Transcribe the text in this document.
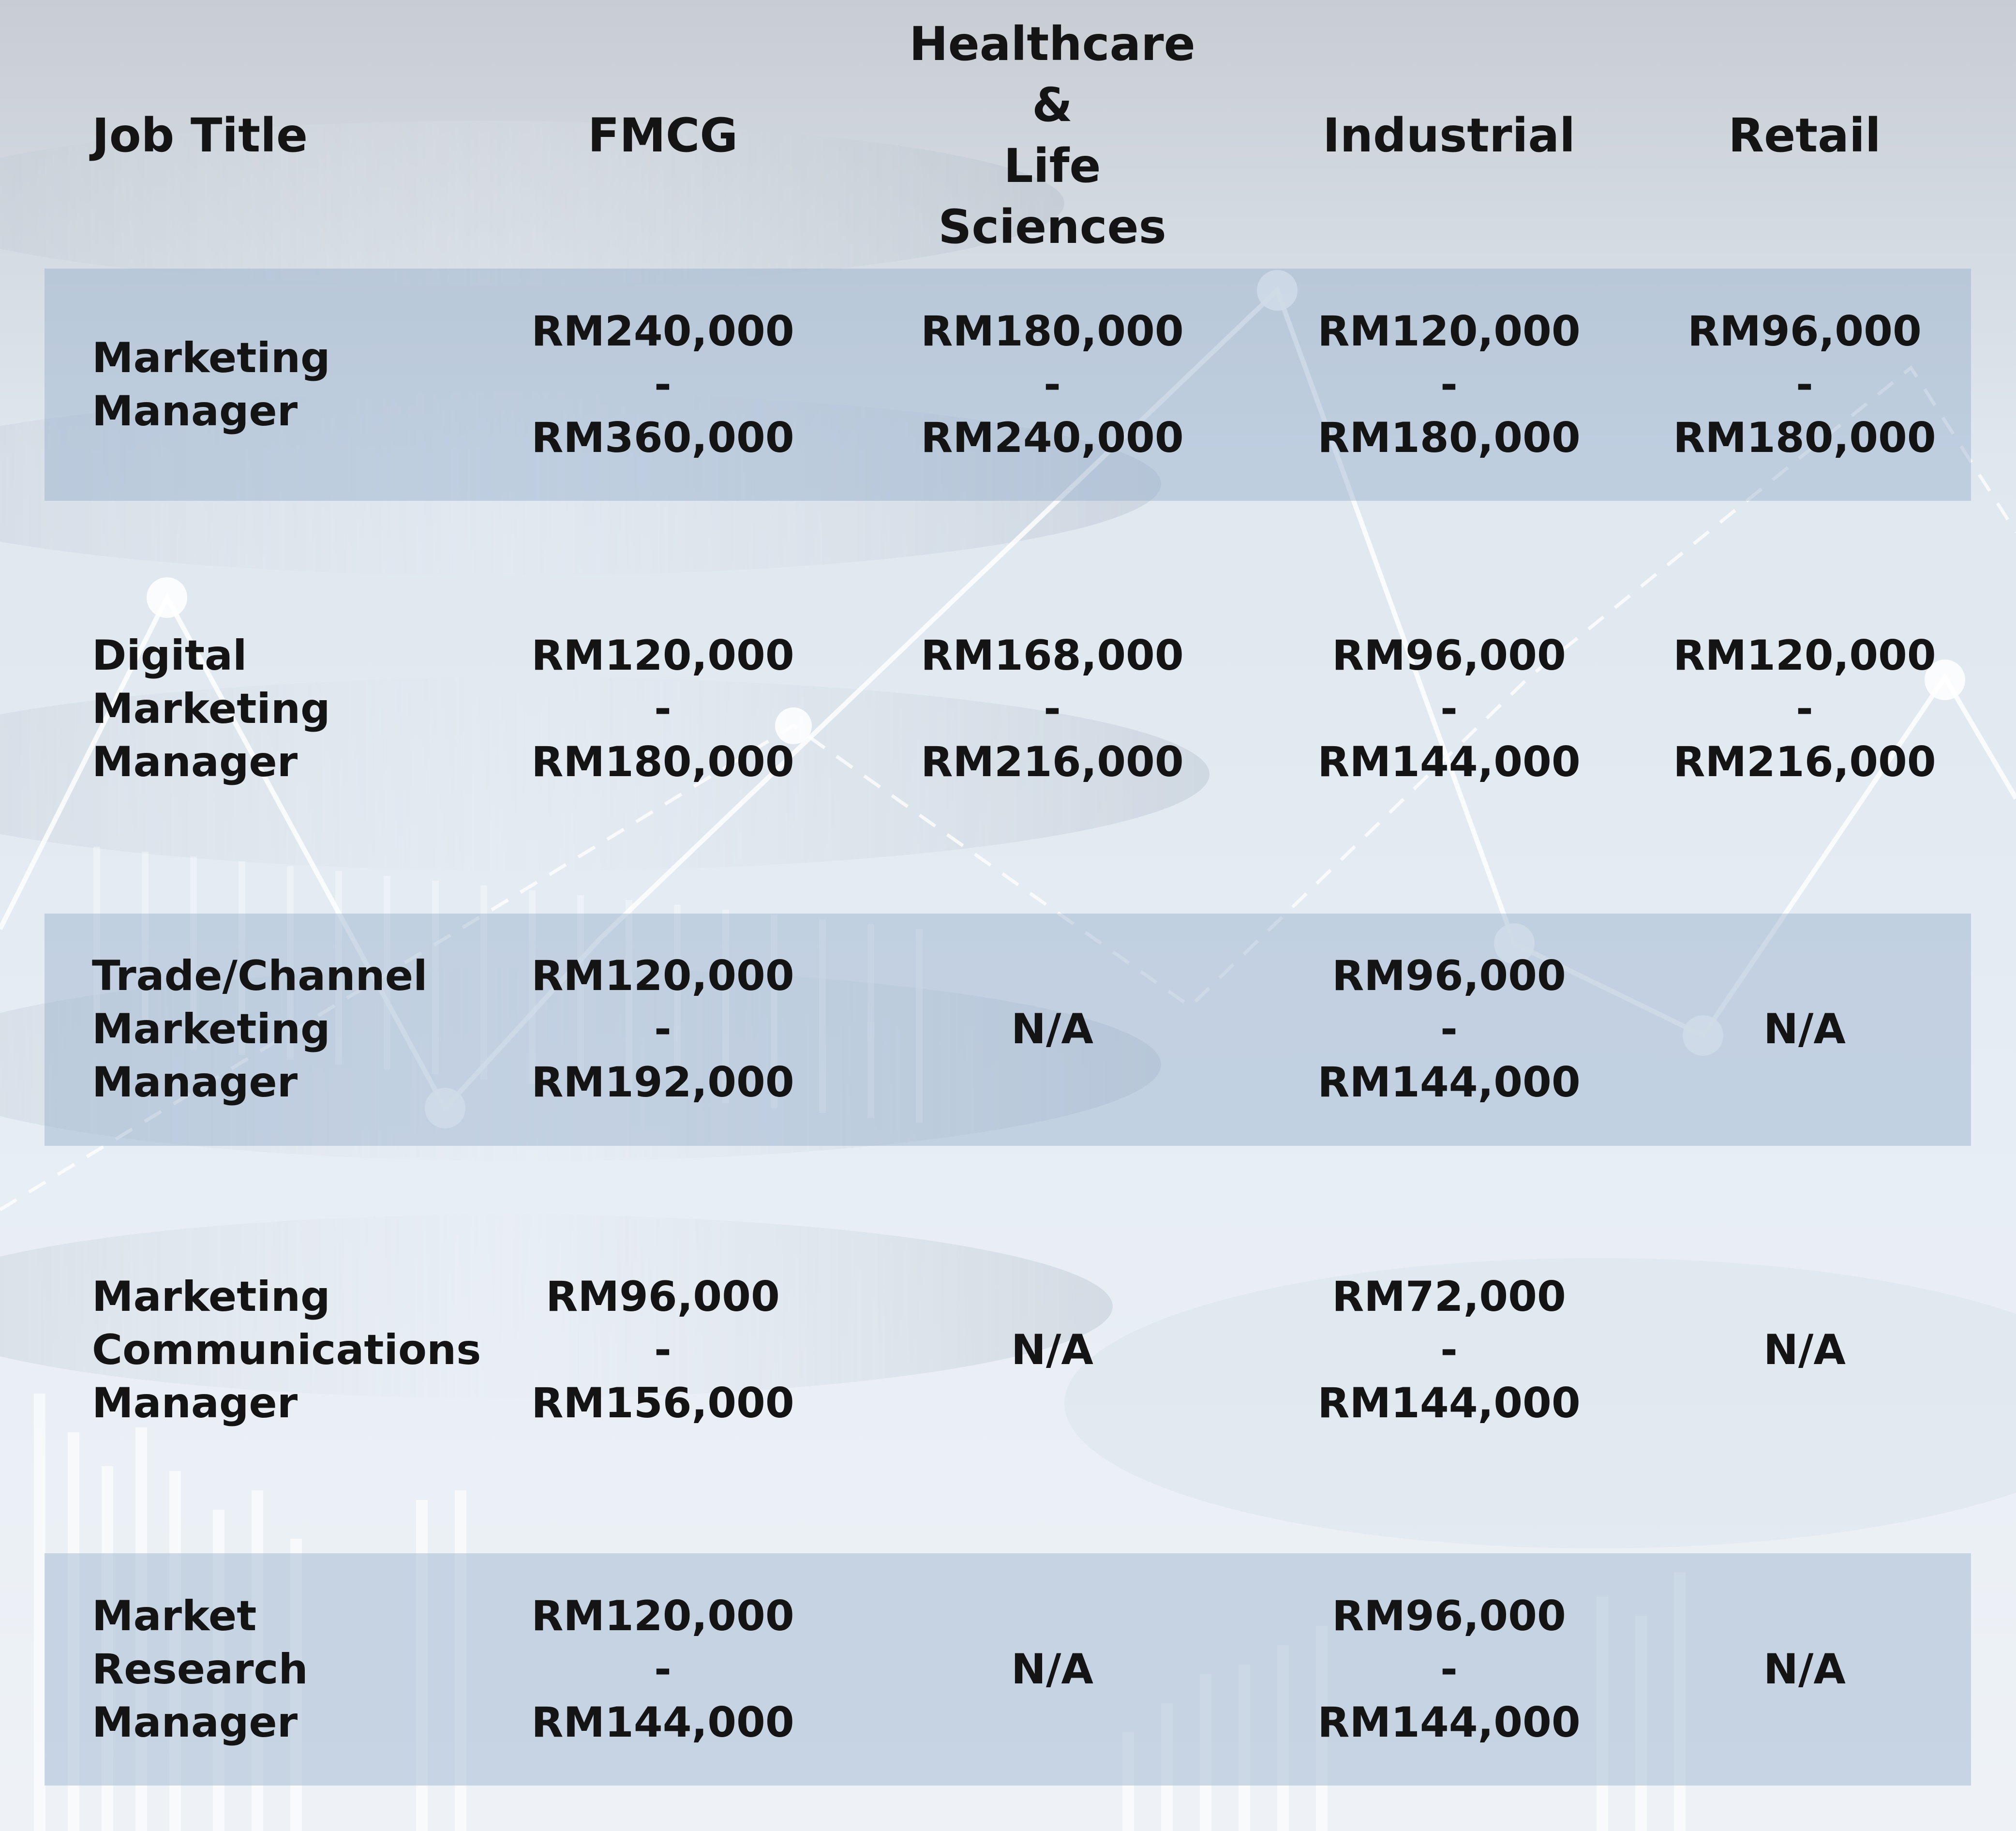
Job Title	FMCG
Healthcare &
Life Sciences
Industrial	Retail
Marketing
Manager
RM240,000
-
RM360,000
RM180,000
-
RM240,000
RM120,000
-
RM180,000
RM96,000
-
RM180,000
Digital
Marketing
Manager
RM120,000
-
RM180,000
RM168,000
-
RM216,000
RM96,000
-
RM144,000
RM120,000
-
RM216,000
Trade/Channel
Marketing
Manager
RM120,000
-
RM192,000
N/A
RM96,000
-
RM144,000
N/A
Marketing
Communications
Manager
RM96,000
-
RM156,000
N/A
RM72,000
-
RM144,000
N/A
Market
Research
Manager
RM120,000
-
RM144,000
N/A
RM96,000
-
RM144,000
N/A
